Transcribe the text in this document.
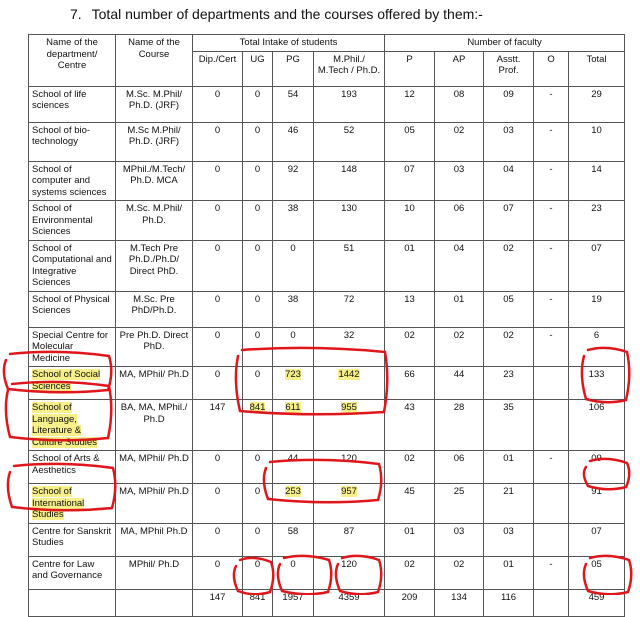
7. Total number of departments and the courses offered by them:-
Name of the department/ Centre	Name of the Course	Total Intake of students				Number of faculty				
		Dip./Cert	UG	PG	M.Phil./ M.Tech / Ph.D.	P	AP	Asstt. Prof.	O	Total
School of life sciences	M.Sc. M.Phil/ Ph.D. (JRF)	0	0	54	193	12	08	09	-	29
School of bio-technology	M.Sc M.Phil/ Ph.D. (JRF)	0	0	46	52	05	02	03	-	10
School of computer and systems sciences	MPhil./M.Tech/ Ph.D. MCA	0	0	92	148	07	03	04	-	14
School of Environmental Sciences	M.Sc. M.Phil/ Ph.D.	0	0	38	130	10	06	07	-	23
School of Computational and Integrative Sciences	M.Tech Pre Ph.D./Ph.D/ Direct PhD.	0	0	0	51	01	04	02	-	07
School of Physical Sciences	M.Sc. Pre PhD/Ph.D.	0	0	38	72	13	01	05	-	19
Special Centre for Molecular Medicine	Pre Ph.D. Direct PhD.	0	0	0	32	02	02	02	-	6
School of Social Sciences	MA, MPhil/ Ph.D	0	0	723	1442	66	44	23		133
School of Language, Literature & Culture Studies	BA, MA, MPhil./ Ph.D	147	841	611	955	43	28	35		106
School of Arts & Aesthetics	MA, MPhil/ Ph.D	0	0	44	120	02	06	01	-	09
School of International Studies	MA, MPhil/ Ph.D	0	0	253	957	45	25	21		91
Centre for Sanskrit Studies	MA, MPhil Ph.D	0	0	58	87	01	03	03		07
Centre for Law and Governance	MPhil/ Ph.D	0	0	0	120	02	02	01	-	05
		147	841	1957	4359	209	134	116		459
